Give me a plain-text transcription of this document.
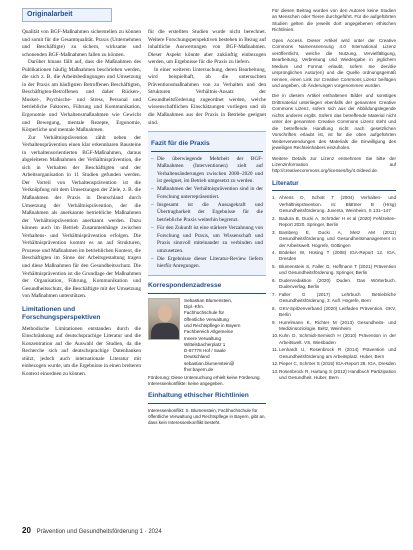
Originalarbeit

Qualität von BGF-Maßnahmen sicherstellen zu können und somit für die Gesamtqualität. Praxis (Unternehmen und Beschäftigte) zu sichern, wirksame und schonenden BGF-Maßnahmen fallen zu können.

Darüber hinaus fällt auf, dass die Maßnahmen des Publikationen häufig Maßnahmen beschrieben werden, die sich z. B. die Arbeitsbedingungen und Umsetzung in der Praxis am häufigsten Betroffenen Beschäftigten, Beschäftigten-Betroffenen und daher Rücken-, Muskel-, Psychische- und Stress, Personal und betriebliche Faktoren, Führung und Kommunikation, Ergonomie und Verhaltensmaßnahmen wie Gewicht und Bewegung, mentale Rezepte, Ergonomie, Körperliche und mentale Maßnahmen.

Zur Verhältnisprävention zählt neben der Verhaltensprävention einen klar erkennbaren Bausteine in verhaltensorientierten BGF-Maßnahmen, daraus abgeleiteten Maßnahmen der Verhältnisprävention, die sich in Verhalten der Beschäftigten und der Arbeitsorganisation in 11 Studien gefunden werden. Der Vorteil von Verhaltensprävention ist die Verknüpfung mit dem Umsetzungen der Ziele, z. B. die Maßnahmen der Praxis in Deutschland durch Umsetzung der Verhältnisprävention, der die Maßnahmen als anerkannte betriebliche Maßnahmen der Verhältnisprävention anerkannt werden. Dazu können auch im Betrieb Zusammenhänge zwischen Verhaltens- und Verhältnisprävention erfolgen. Die Verhältnisprävention kommt es an auf Strukturen, Prozesse und Maßnahmen im betrieblichen Kontext, die Beschäftigten im Sinne der Arbeitsgestaltung tragen und diese Maßnahmen für den Gesundheitsschutz. Die Verhältnisprävention ist die Grundlage der Maßnahmen der Organisation, Führung, Kommunikation und Gesundheitsschutz, die Beschäftigte mit der Umsetzung von Maßnahmen unterstützen.

Limitationen und Forschungsperspektiven

Methodische Limitationen entstanden durch die Einschränkung auf deutschsprachige Literatur und die Konzentration auf die Auswahl der Studien, da die Recherche sich auf deutschsprachige Datenbanken stützt, jedoch auch internationale Literatur mit einbezogen wurde, um die Ergebnisse in einen breiteren Kontext einordnen zu können.

für die erstellten Studien wurde nicht berechnet. Weitere Forschungsperspektiven bestehen in Bezug auf inhaltliche Auswertungen von BGF-Maßnahmen. Dieser Aspekt könnte aber zukünftig einbezogen werden, um Ergebnisse für die Praxis zu liefern.

In einer weiteren Untersuchung, deren Bearbeitung, wird beispielhaft, ob die untersuchten Präventionsmaßnahmen von zu Verhalten und den Strukturen Verhältnis-Ansatz der Gesundheitsförderung zugeordnet werden, welche wissenschaftlichen Einschätzungen vorliegen und ob die Maßnahmen aus der Praxis in Betriebe geeignet sind.

Fazit für die Praxis
– Die überwiegende Mehrheit der BGF-Maßnahmen (Interventionen) zielt auf Verhaltensänderungen zwischen 2000–2020 und ist geeignet, im Betrieb umgesetzt zu werden.
– Maßnahmen der Verhältnisprävention sind in der Forschung unterrepräsentiert.
– Insgesamt ist die Aussagekraft und Übertragbarkeit der Ergebnisse für die betriebliche Praxis weiterhin begrenzt.
– Für den Zukunft ist eine stärkere Verzahnung von Forschung und Praxis, um Wissenschaft und Praxis sinnvoll miteinander zu verbinden und umzusetzen.
– Die Ergebnisse dieser Literatur-Review liefern hierfür Anregungen.
Korrespondenzadresse
Sebastian Blumenstein,
Dipl.-Kfm.
Fachhochschule für
öffentliche Verwaltung
und Rechtspflege in Bayern
Fachbereich Allgemeine
Innere Verwaltung
Wittelsbacherplatz 1
D-87778 Hof / Saale
Deutschland
sebastian.blumenstein@
fhvr.bayern.de
Förderung: Diese Untersuchung erhielt keine Förderung. Interessenkonflikte: keine angegeben.
Einhaltung ethischer Richtlinien

Interessenkonflikt: S. Blumenstein, Fachhochschule für öffentliche Verwaltung und Rechtspflege in Bayern, gibt an, dass kein Interessenkonflikt besteht.

Für diesen Beitrag wurden von den Autoren keine Studien an Menschen oder Tieren durchgeführt. Für die aufgeführten Studien gelten die jeweils dort angegebenen ethischen Richtlinien.

Open Access. Dieser Artikel wird unter der Creative Commons Namensnennung 4.0 International Lizenz veröffentlicht, welche die Nutzung, Vervielfältigung, Bearbeitung, Verbreitung und Wiedergabe in jeglichem Medium und Format erlaubt, sofern Sie den/die ursprünglichen Autor(en) und die Quelle ordnungsgemäß nennen, einen Link zur Creative Commons Lizenz beifügen und angeben, ob Änderungen vorgenommen wurden.

Die in diesem Artikel enthaltenen Bilder und sonstiges Drittmaterial unterliegen ebenfalls der genannten Creative Commons Lizenz, sofern sich aus der Abbildungslegende nichts anderes ergibt. Sofern das betreffende Material nicht unter der genannten Creative Commons Lizenz steht und die betreffende Handlung nicht nach gesetzlichen Vorschriften erlaubt ist, ist für die oben aufgeführten Weiterverwendungen des Materials die Einwilligung des jeweiligen Rechteinhabers einzuholen.

Weitere Details zur Lizenz entnehmen Sie bitte der Lizenzinformation auf http://creativecommons.org/licenses/by/4.0/deed.de.

Literatur
1. Ahrens D, Schott T (2004) Verhalten- und Verhältnisprävention. In: Blättner B (Hrsg) Gesundheitsförderung. Juventa, Weinheim, S 131–147
2. Badura B, Ducki A, Schröder H et al (2020) Fehlzeiten-Report 2020. Springer, Berlin
3. Bamberg E, Ducki A, Metz AM (2011) Gesundheitsförderung und Gesundheitsmanagement in der Arbeitswelt. Hogrefe, Göttingen
4. Bödeker W, Hüsing T (2008) IGA-Report 12. IGA, Dresden
5. Blumenstein S, Faller G, Hoffmann T (2021) Prävention und Gesundheitsförderung. Springer, Berlin
6. Dudenredaktion (2020) Duden. Das Wörterbuch. Dudenverlag, Berlin
7. Faller G (2017) Lehrbuch Betriebliche Gesundheitsförderung, 3. Aufl. Hogrefe, Bern
8. GKV-Spitzenverband (2020) Leitfaden Prävention. GKV, Berlin
9. Hurrelmann K, Richter M (2013) Gesundheits- und Medizinsoziologie. Beltz, Weinheim
10. Kuhn D, Schmidt-Semisch H (2010) Prävention in der Arbeitswelt. VS, Wiesbaden
11. Lenhardt U, Rosenbrock R (2014) Prävention und Gesundheitsförderung am Arbeitsplatz. Huber, Bern
12. Pieper C, Schröer S (2015) IGA-Report 28. IGA, Dresden
13. Rosenbrock R, Hartung S (2012) Handbuch Partizipation und Gesundheit. Huber, Bern
20 Prävention und Gesundheitsförderung 1 · 2024
